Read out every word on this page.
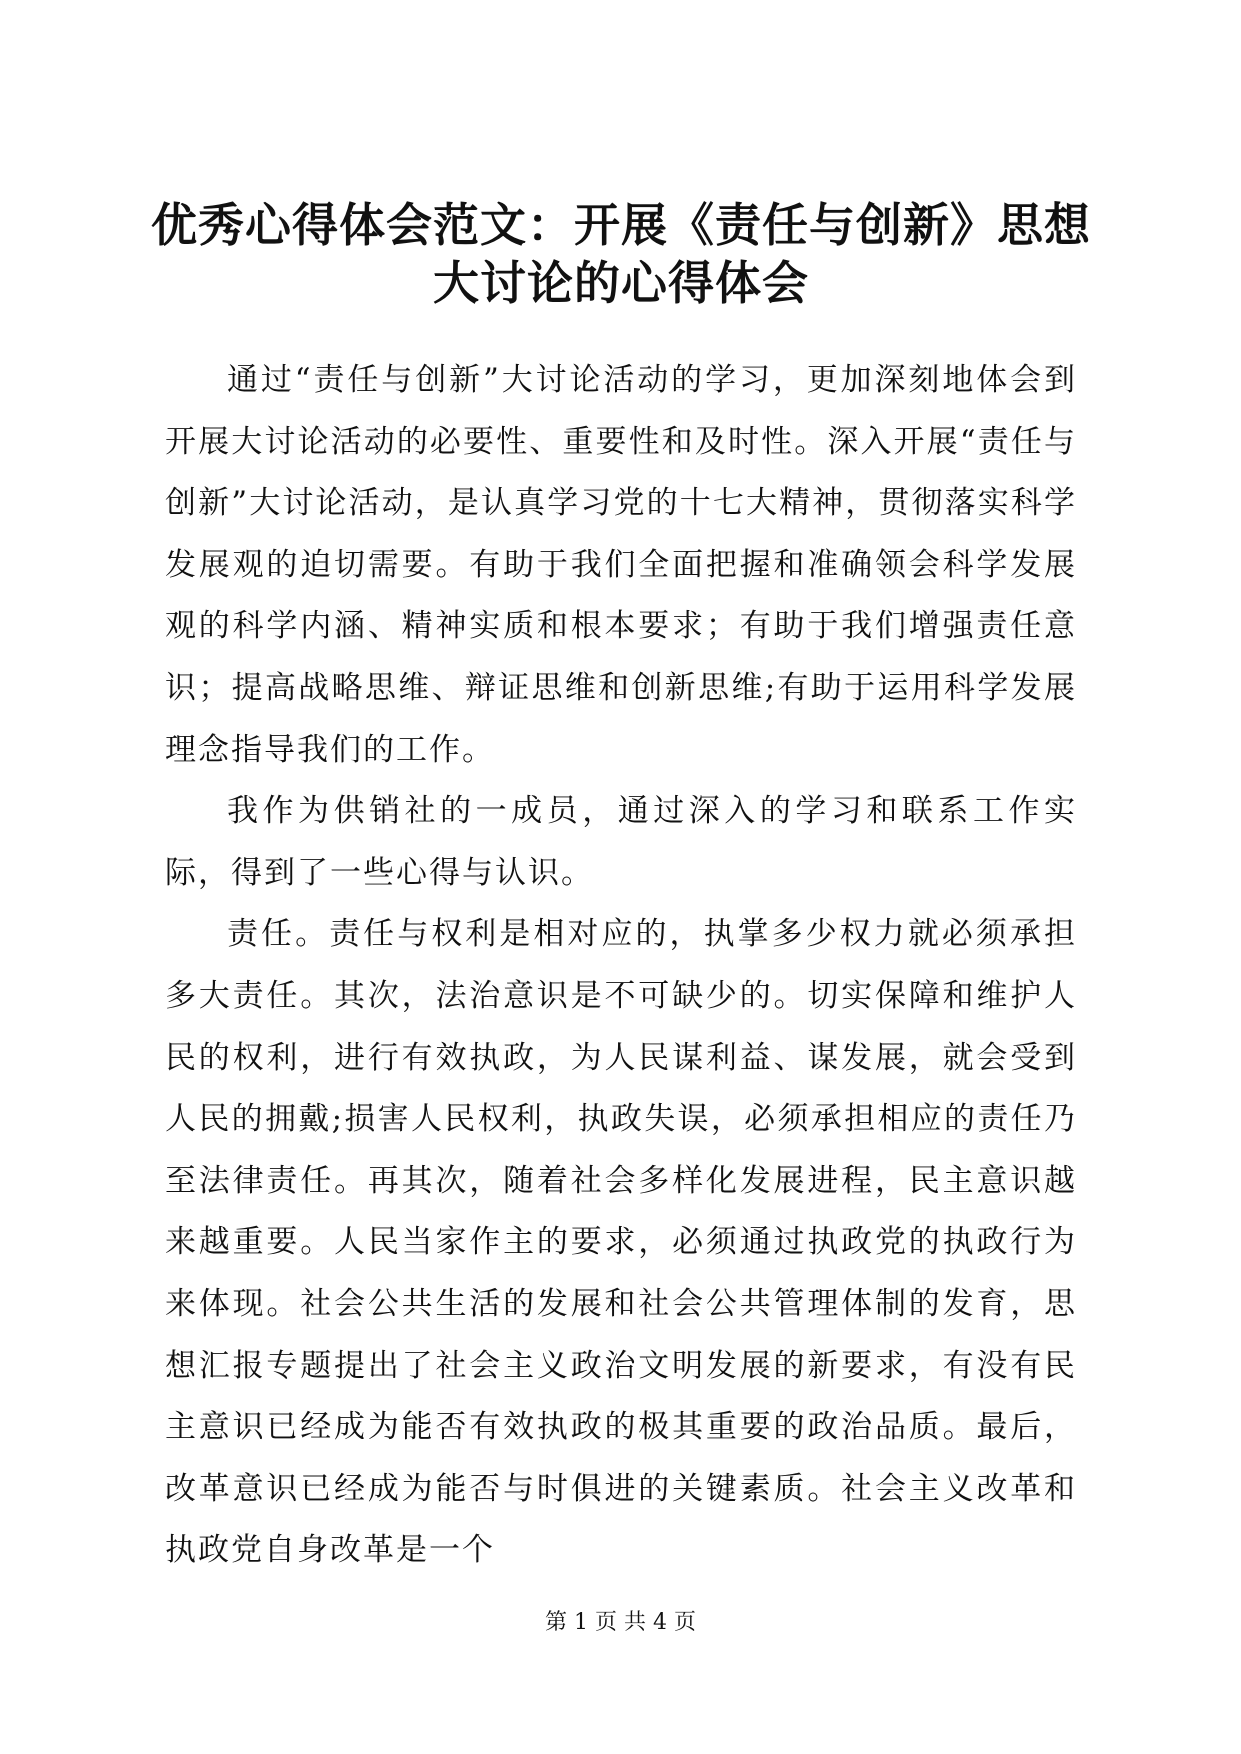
优秀心得体会范文：开展《责任与创新》思想
大讨论的心得体会

通过“责任与创新”大讨论活动的学习，更加深刻地体会到开展大讨论活动的必要性、重要性和及时性。深入开展“责任与创新”大讨论活动，是认真学习党的十七大精神，贯彻落实科学发展观的迫切需要。有助于我们全面把握和准确领会科学发展观的科学内涵、精神实质和根本要求；有助于我们增强责任意识；提高战略思维、辩证思维和创新思维;有助于运用科学发展理念指导我们的工作。

我作为供销社的一成员，通过深入的学习和联系工作实际，得到了一些心得与认识。

责任。责任与权利是相对应的，执掌多少权力就必须承担多大责任。其次，法治意识是不可缺少的。切实保障和维护人民的权利，进行有效执政，为人民谋利益、谋发展，就会受到人民的拥戴;损害人民权利，执政失误，必须承担相应的责任乃至法律责任。再其次，随着社会多样化发展进程，民主意识越来越重要。人民当家作主的要求，必须通过执政党的执政行为来体现。社会公共生活的发展和社会公共管理体制的发育，思想汇报专题提出了社会主义政治文明发展的新要求，有没有民主意识已经成为能否有效执政的极其重要的政治品质。最后，改革意识已经成为能否与时俱进的关键素质。社会主义改革和执政党自身改革是一个

第 1 页 共 4 页
